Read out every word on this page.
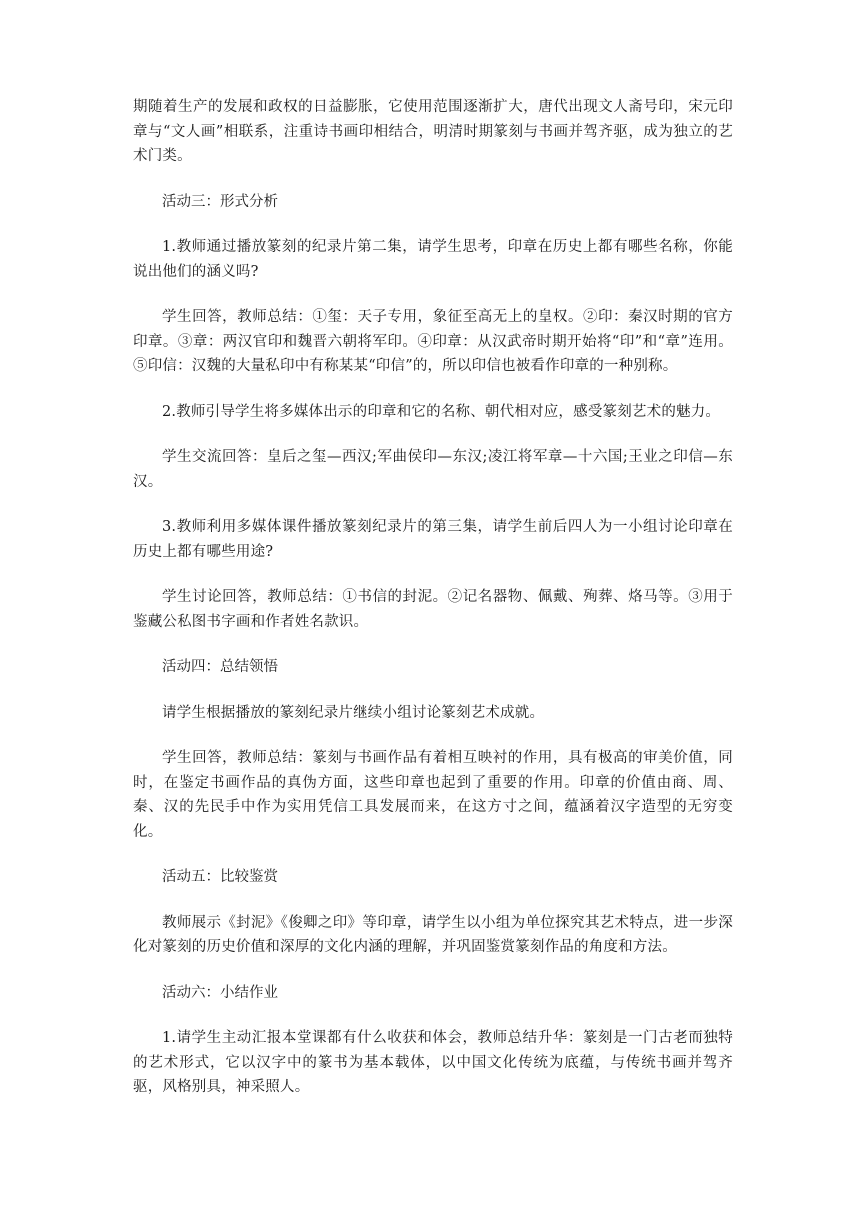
期随着生产的发展和政权的日益膨胀，它使用范围逐渐扩大，唐代出现文人斋号印，宋元印章与“文人画”相联系，注重诗书画印相结合，明清时期篆刻与书画并驾齐驱，成为独立的艺术门类。

活动三：形式分析

1.教师通过播放篆刻的纪录片第二集，请学生思考，印章在历史上都有哪些名称，你能说出他们的涵义吗?

学生回答，教师总结：①玺：天子专用，象征至高无上的皇权。②印：秦汉时期的官方印章。③章：两汉官印和魏晋六朝将军印。④印章：从汉武帝时期开始将“印”和“章”连用。⑤印信：汉魏的大量私印中有称某某“印信”的，所以印信也被看作印章的一种别称。

2.教师引导学生将多媒体出示的印章和它的名称、朝代相对应，感受篆刻艺术的魅力。

学生交流回答：皇后之玺—西汉;军曲侯印—东汉;凌江将军章—十六国;王业之印信—东汉。

3.教师利用多媒体课件播放篆刻纪录片的第三集，请学生前后四人为一小组讨论印章在历史上都有哪些用途?

学生讨论回答，教师总结：①书信的封泥。②记名器物、佩戴、殉葬、烙马等。③用于鉴藏公私图书字画和作者姓名款识。

活动四：总结领悟

请学生根据播放的篆刻纪录片继续小组讨论篆刻艺术成就。

学生回答，教师总结：篆刻与书画作品有着相互映衬的作用，具有极高的审美价值，同时，在鉴定书画作品的真伪方面，这些印章也起到了重要的作用。印章的价值由商、周、秦、汉的先民手中作为实用凭信工具发展而来，在这方寸之间，蕴涵着汉字造型的无穷变化。

活动五：比较鉴赏

教师展示《封泥》《俊卿之印》等印章，请学生以小组为单位探究其艺术特点，进一步深化对篆刻的历史价值和深厚的文化内涵的理解，并巩固鉴赏篆刻作品的角度和方法。

活动六：小结作业

1.请学生主动汇报本堂课都有什么收获和体会，教师总结升华：篆刻是一门古老而独特的艺术形式，它以汉字中的篆书为基本载体，以中国文化传统为底蕴，与传统书画并驾齐驱，风格别具，神采照人。
